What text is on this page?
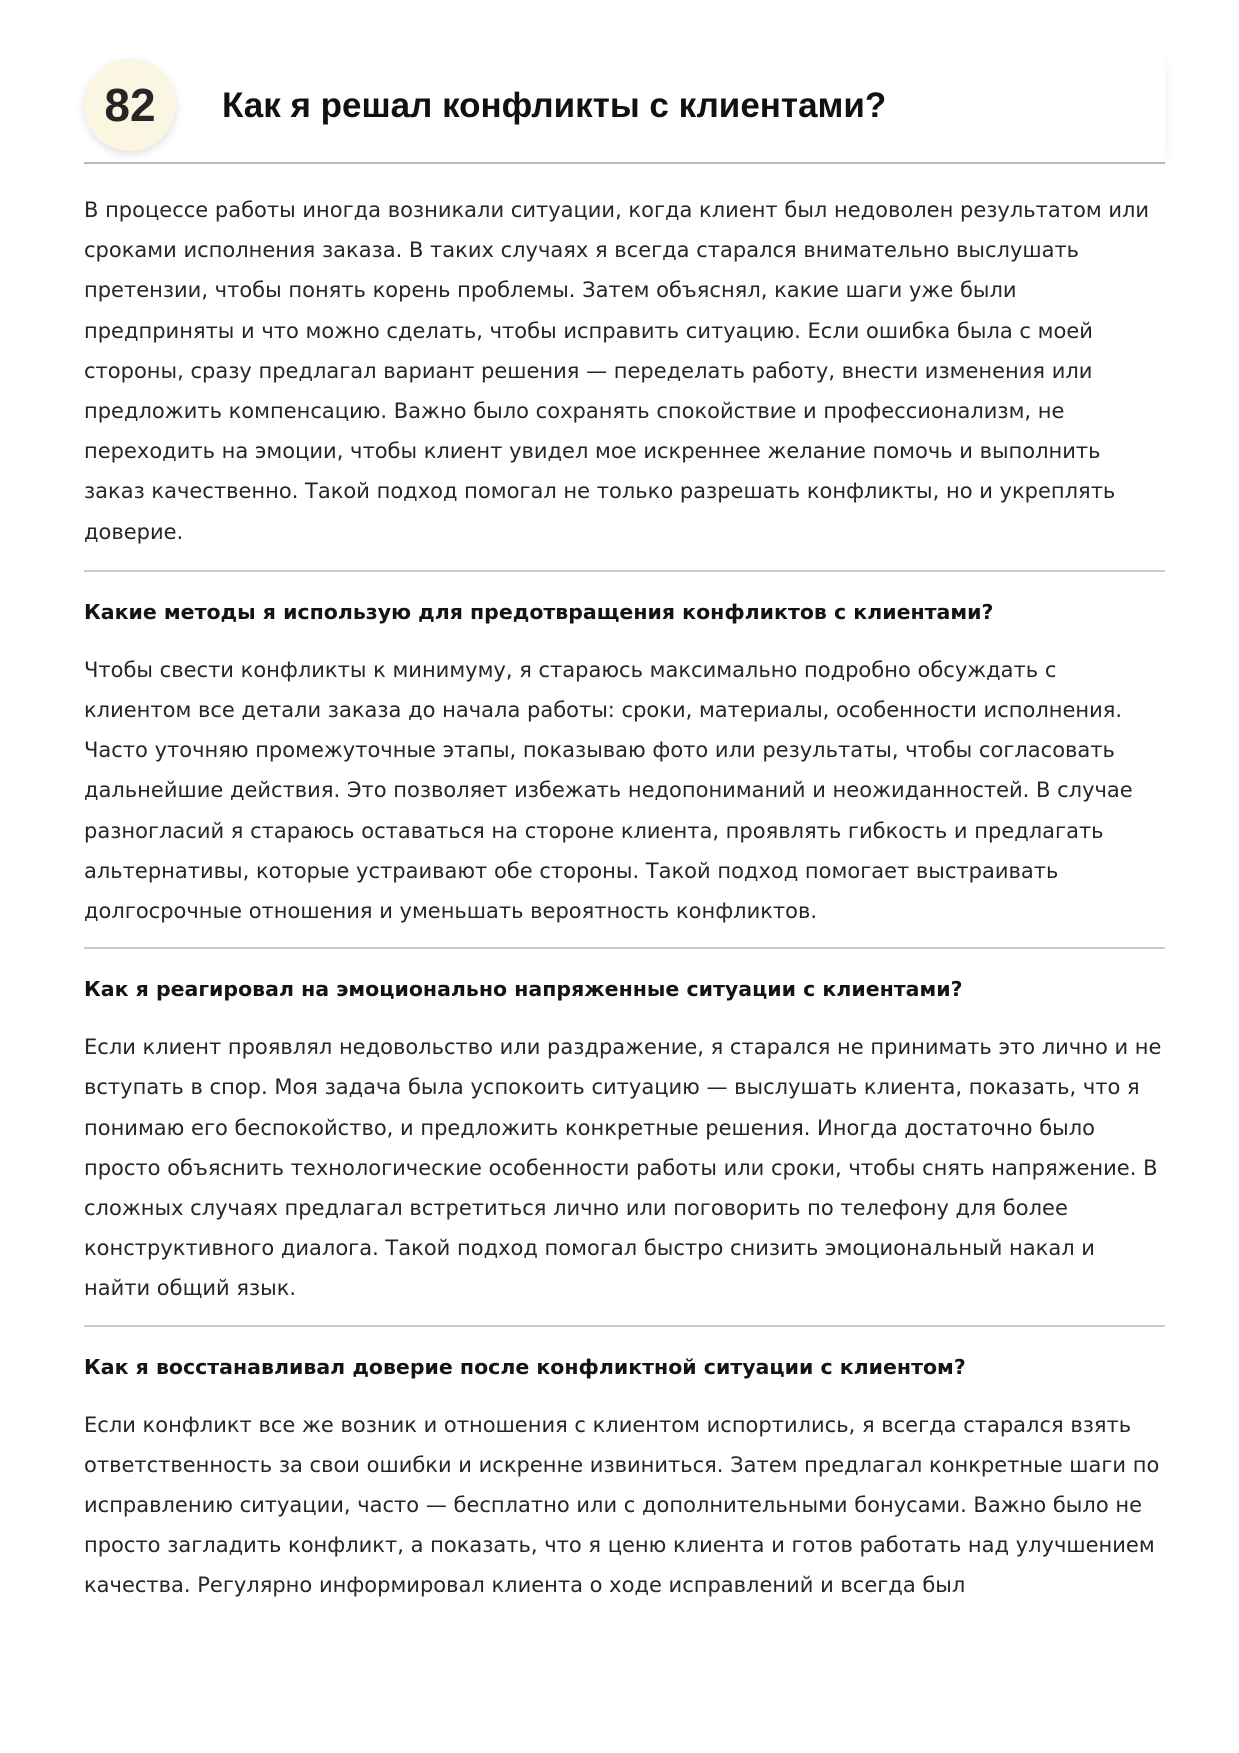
82	Как я решал конфликты с клиентами?

В процессе работы иногда возникали ситуации, когда клиент был недоволен результатом или сроками исполнения заказа. В таких случаях я всегда старался внимательно выслушать претензии, чтобы понять корень проблемы. Затем объяснял, какие шаги уже были предприняты и что можно сделать, чтобы исправить ситуацию. Если ошибка была с моей стороны, сразу предлагал вариант решения — переделать работу, внести изменения или предложить компенсацию. Важно было сохранять спокойствие и профессионализм, не переходить на эмоции, чтобы клиент увидел мое искреннее желание помочь и выполнить заказ качественно. Такой подход помогал не только разрешать конфликты, но и укреплять доверие.

Какие методы я использую для предотвращения конфликтов с клиентами?

Чтобы свести конфликты к минимуму, я стараюсь максимально подробно обсуждать с клиентом все детали заказа до начала работы: сроки, материалы, особенности исполнения. Часто уточняю промежуточные этапы, показываю фото или результаты, чтобы согласовать дальнейшие действия. Это позволяет избежать недопониманий и неожиданностей. В случае разногласий я стараюсь оставаться на стороне клиента, проявлять гибкость и предлагать альтернативы, которые устраивают обе стороны. Такой подход помогает выстраивать долгосрочные отношения и уменьшать вероятность конфликтов.

Как я реагировал на эмоционально напряженные ситуации с клиентами?

Если клиент проявлял недовольство или раздражение, я старался не принимать это лично и не вступать в спор. Моя задача была успокоить ситуацию — выслушать клиента, показать, что я понимаю его беспокойство, и предложить конкретные решения. Иногда достаточно было просто объяснить технологические особенности работы или сроки, чтобы снять напряжение. В сложных случаях предлагал встретиться лично или поговорить по телефону для более конструктивного диалога. Такой подход помогал быстро снизить эмоциональный накал и найти общий язык.

Как я восстанавливал доверие после конфликтной ситуации с клиентом?

Если конфликт все же возник и отношения с клиентом испортились, я всегда старался взять ответственность за свои ошибки и искренне извиниться. Затем предлагал конкретные шаги по исправлению ситуации, часто — бесплатно или с дополнительными бонусами. Важно было не просто загладить конфликт, а показать, что я ценю клиента и готов работать над улучшением качества. Регулярно информировал клиента о ходе исправлений и всегда был
